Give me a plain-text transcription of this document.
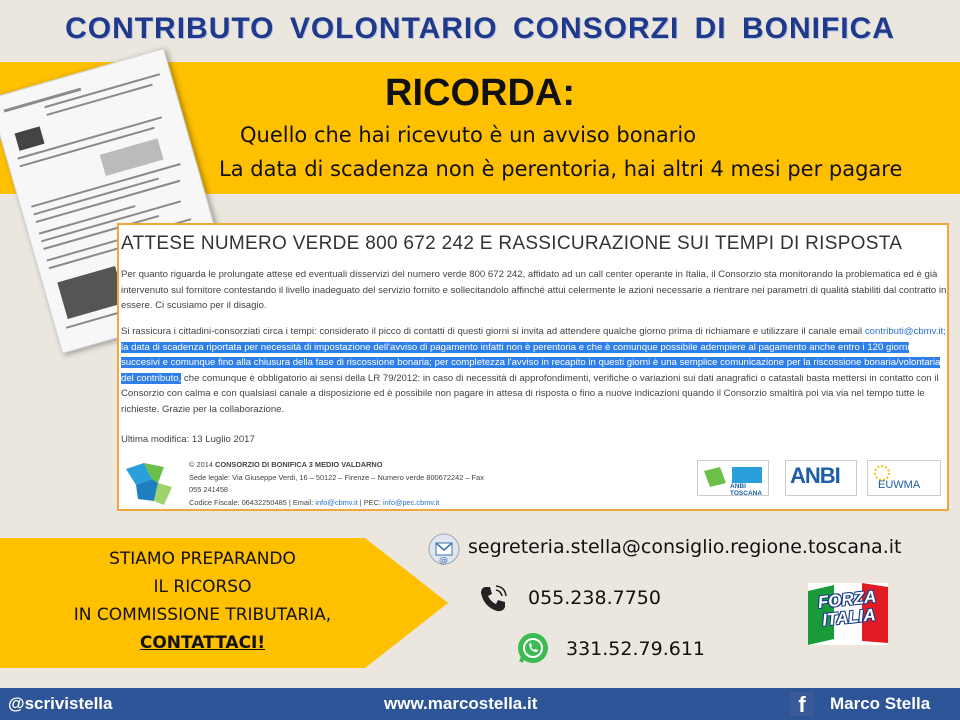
CONTRIBUTO VOLONTARIO CONSORZI DI BONIFICA
RICORDA:
Quello che hai ricevuto è un avviso bonario
La data di scadenza non è perentoria, hai altri 4 mesi per pagare
ATTESE NUMERO VERDE 800 672 242 E RASSICURAZIONE SUI TEMPI DI RISPOSTA
Per quanto riguarda le prolungate attese ed eventuali disservizi del numero verde 800 672 242, affidato ad un call center operante in Italia, il Consorzio sta monitorando la problematica ed è già intervenuto sul fornitore contestando il livello inadeguato del servizio fornito e sollecitandolo affinché attui celermente le azioni necessarie a rientrare nei parametri di qualità stabiliti dal contratto in essere. Ci scusiamo per il disagio.
Si rassicura i cittadini-consorziati circa i tempi: considerato il picco di contatti di questi giorni si invita ad attendere qualche giorno prima di richiamare e utilizzare il canale email contributi@cbmv.it; la data di scadenza riportata per necessità di impostazione dell'avviso di pagamento infatti non è perentoria e che è comunque possibile adempiere al pagamento anche entro i 120 giorni succesivi e comunque fino alla chiusura della fase di riscossione bonaria; per completezza l'avviso in recapito in questi giorni è una semplice comunicazione per la riscossione bonaria/volontaria del contributo, che comunque è obbligatorio ai sensi della LR 79/2012: in caso di necessità di approfondimenti, verifiche o variazioni sui dati anagrafici o catastali basta mettersi in contatto con il Consorzio con calma e con qualsiasi canale a disposizione ed è possibile non pagare in attesa di risposta o fino a nuove indicazioni quando il Consorzio smaltirà poi via via nel tempo tutte le richieste. Grazie per la collaborazione.
Ultima modifica: 13 Luglio 2017
© 2014 CONSORZIO DI BONIFICA 3 MEDIO VALDARNO
Sede legale: Via Giuseppe Verdi, 16 – 50122 – Firenze – Numero verde 800672242 – Fax
055 241458
Codice Fiscale: 06432250485 | Email: info@cbmv.it | PEC: info@pec.cbmv.it
ANBI TOSCANA
ANBI	EUWMA
STIAMO PREPARANDO
IL RICORSO
IN COMMISSIONE TRIBUTARIA,
CONTATTACI!
@
segreteria.stella@consiglio.regione.toscana.it
055.238.7750
331.52.79.611
FORZA
ITALIA
@scrivistella	www.marcostella.it	Marco Stella
f
